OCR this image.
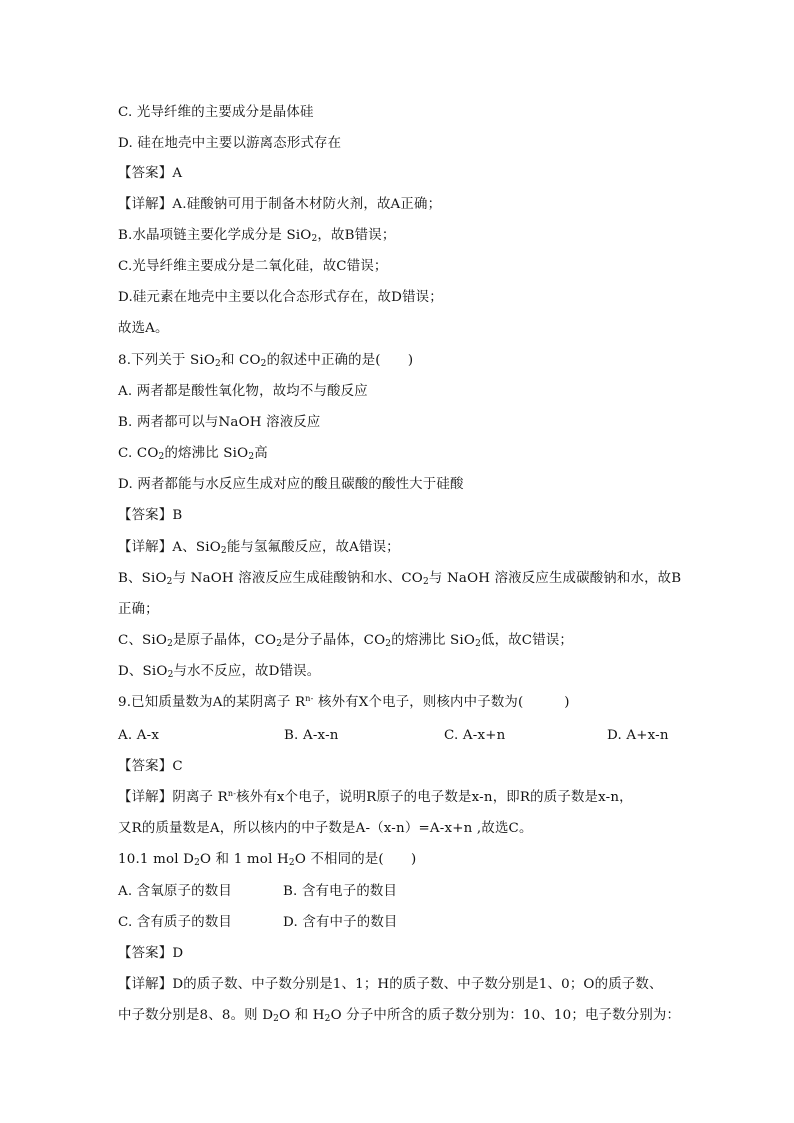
C. 光导纤维的主要成分是晶体硅
D. 硅在地壳中主要以游离态形式存在
【答案】A
【详解】A.硅酸钠可用于制备木材防火剂，故A正确；
B.水晶项链主要化学成分是 SiO$_2$，故B错误；
C.光导纤维主要成分是二氧化硅，故C错误；
D.硅元素在地壳中主要以化合态形式存在，故D错误；
故选A。
8.下列关于 SiO$_2$和 $CO_2$的叙述中正确的是(　　)
A. 两者都是酸性氧化物，故均不与酸反应
B. 两者都可以与NaOH 溶液反应
C. $CO_2$的熔沸比 SiO$_2$高
D. 两者都能与水反应生成对应的酸且碳酸的酸性大于硅酸
【答案】B
【详解】A、SiO$_2$能与氢氟酸反应，故A错误；
B、SiO$_2$与 NaOH 溶液反应生成硅酸钠和水、$CO_2$与 NaOH 溶液反应生成碳酸钠和水，故B
正确；
C、SiO$_2$是原子晶体，$CO_2$是分子晶体，$CO_2$的熔沸比 SiO$_2$低，故C错误；
D、SiO$_2$与水不反应，故D错误。
9.已知质量数为A的某阴离子 $R^{n-}$ 核外有X个电子，则核内中子数为(　　　)
A. A-x	B. A-x-n	C. A-x+n	D. A+x-n
【答案】C
【详解】阴离子 $R^{n-}$核外有x个电子，说明R原子的电子数是x-n，即R的质子数是x-n，
又R的质量数是A，所以核内的中子数是A-（x-n）=A-x+n ,故选C。
10.1 mol $D_2O$ 和 1 mol $H_2O$ 不相同的是(　　)
A. 含氧原子的数目	B. 含有电子的数目
C. 含有质子的数目	D. 含有中子的数目
【答案】D
【详解】D的质子数、中子数分别是1、1；H的质子数、中子数分别是1、0；O的质子数、
中子数分别是8、8。则 $D_2O$ 和 $H_2O$ 分子中所含的质子数分别为：10、10；电子数分别为：
